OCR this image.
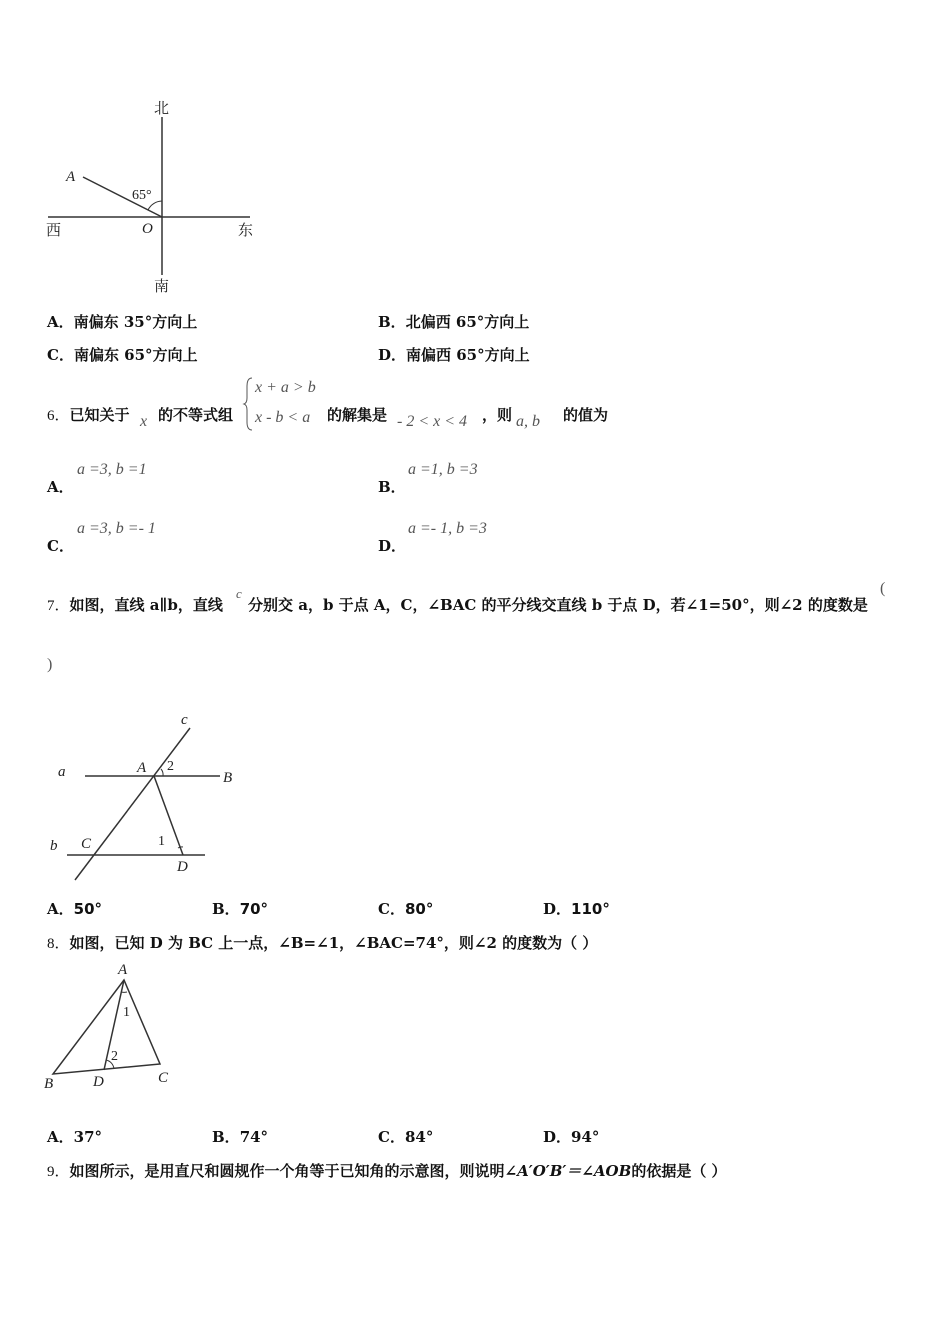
北
南
西	东
A
O
65°
A．南偏东 35°方向上	B．北偏西 65°方向上
C．南偏东 65°方向上	D．南偏西 65°方向上
6．已知关于 x 的不等式组
x + a > b
x - b < a 的解集是 - 2 < x < 4 ，则 a, b 的值为
A．
a =3, b =1
B．
a =1, b =3
C．
a =3, b =- 1
D．
a =- 1, b =3
7．如图，直线 a∥b，直线
c
分别交 a，b 于点 A，C，∠BAC 的平分线交直线 b 于点 D，若∠1=50°，则∠2 的度数是
(
)
c
a
b
A 2
B
C	1
D
A．50°	B．70°	C．80°	D．110°
8．如图，已知 D 为 BC 上一点，∠B=∠1，∠BAC=74°，则∠2 的度数为（ ）
A
1
2
B	D	C
A．37°	B．74°	C．84°	D．94°
9．如图所示，是用直尺和圆规作一个角等于已知角的示意图，则说明∠A′O′B′＝∠AOB的依据是（ ）
